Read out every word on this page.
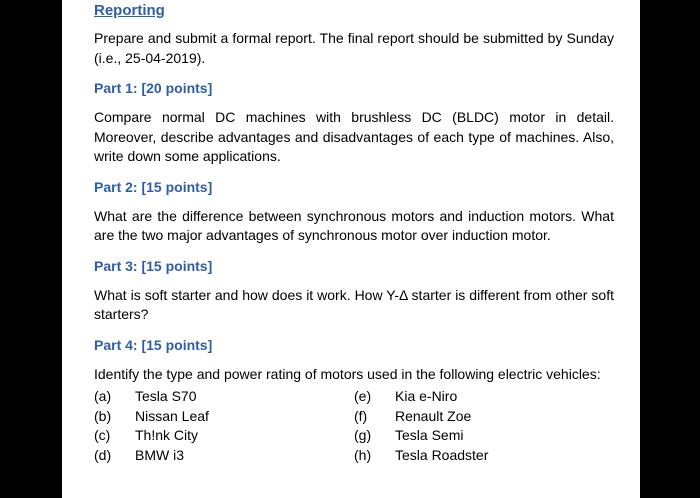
Reporting

Prepare and submit a formal report. The final report should be submitted by Sunday (i.e., 25-04-2019).

Part 1: [20 points]

Compare normal DC machines with brushless DC (BLDC) motor in detail. Moreover, describe advantages and disadvantages of each type of machines. Also, write down some applications.

Part 2: [15 points]

What are the difference between synchronous motors and induction motors. What are the two major advantages of synchronous motor over induction motor.

Part 3: [15 points]

What is soft starter and how does it work. How Y-Δ starter is different from other soft starters?

Part 4: [15 points]

Identify the type and power rating of motors used in the following electric vehicles:

(a)	Tesla S70
(b)	Nissan Leaf
(c)	Th!nk City
(d)	BMW i3
(e)	Kia e-Niro
(f)	Renault Zoe
(g)	Tesla Semi
(h)	Tesla Roadster
